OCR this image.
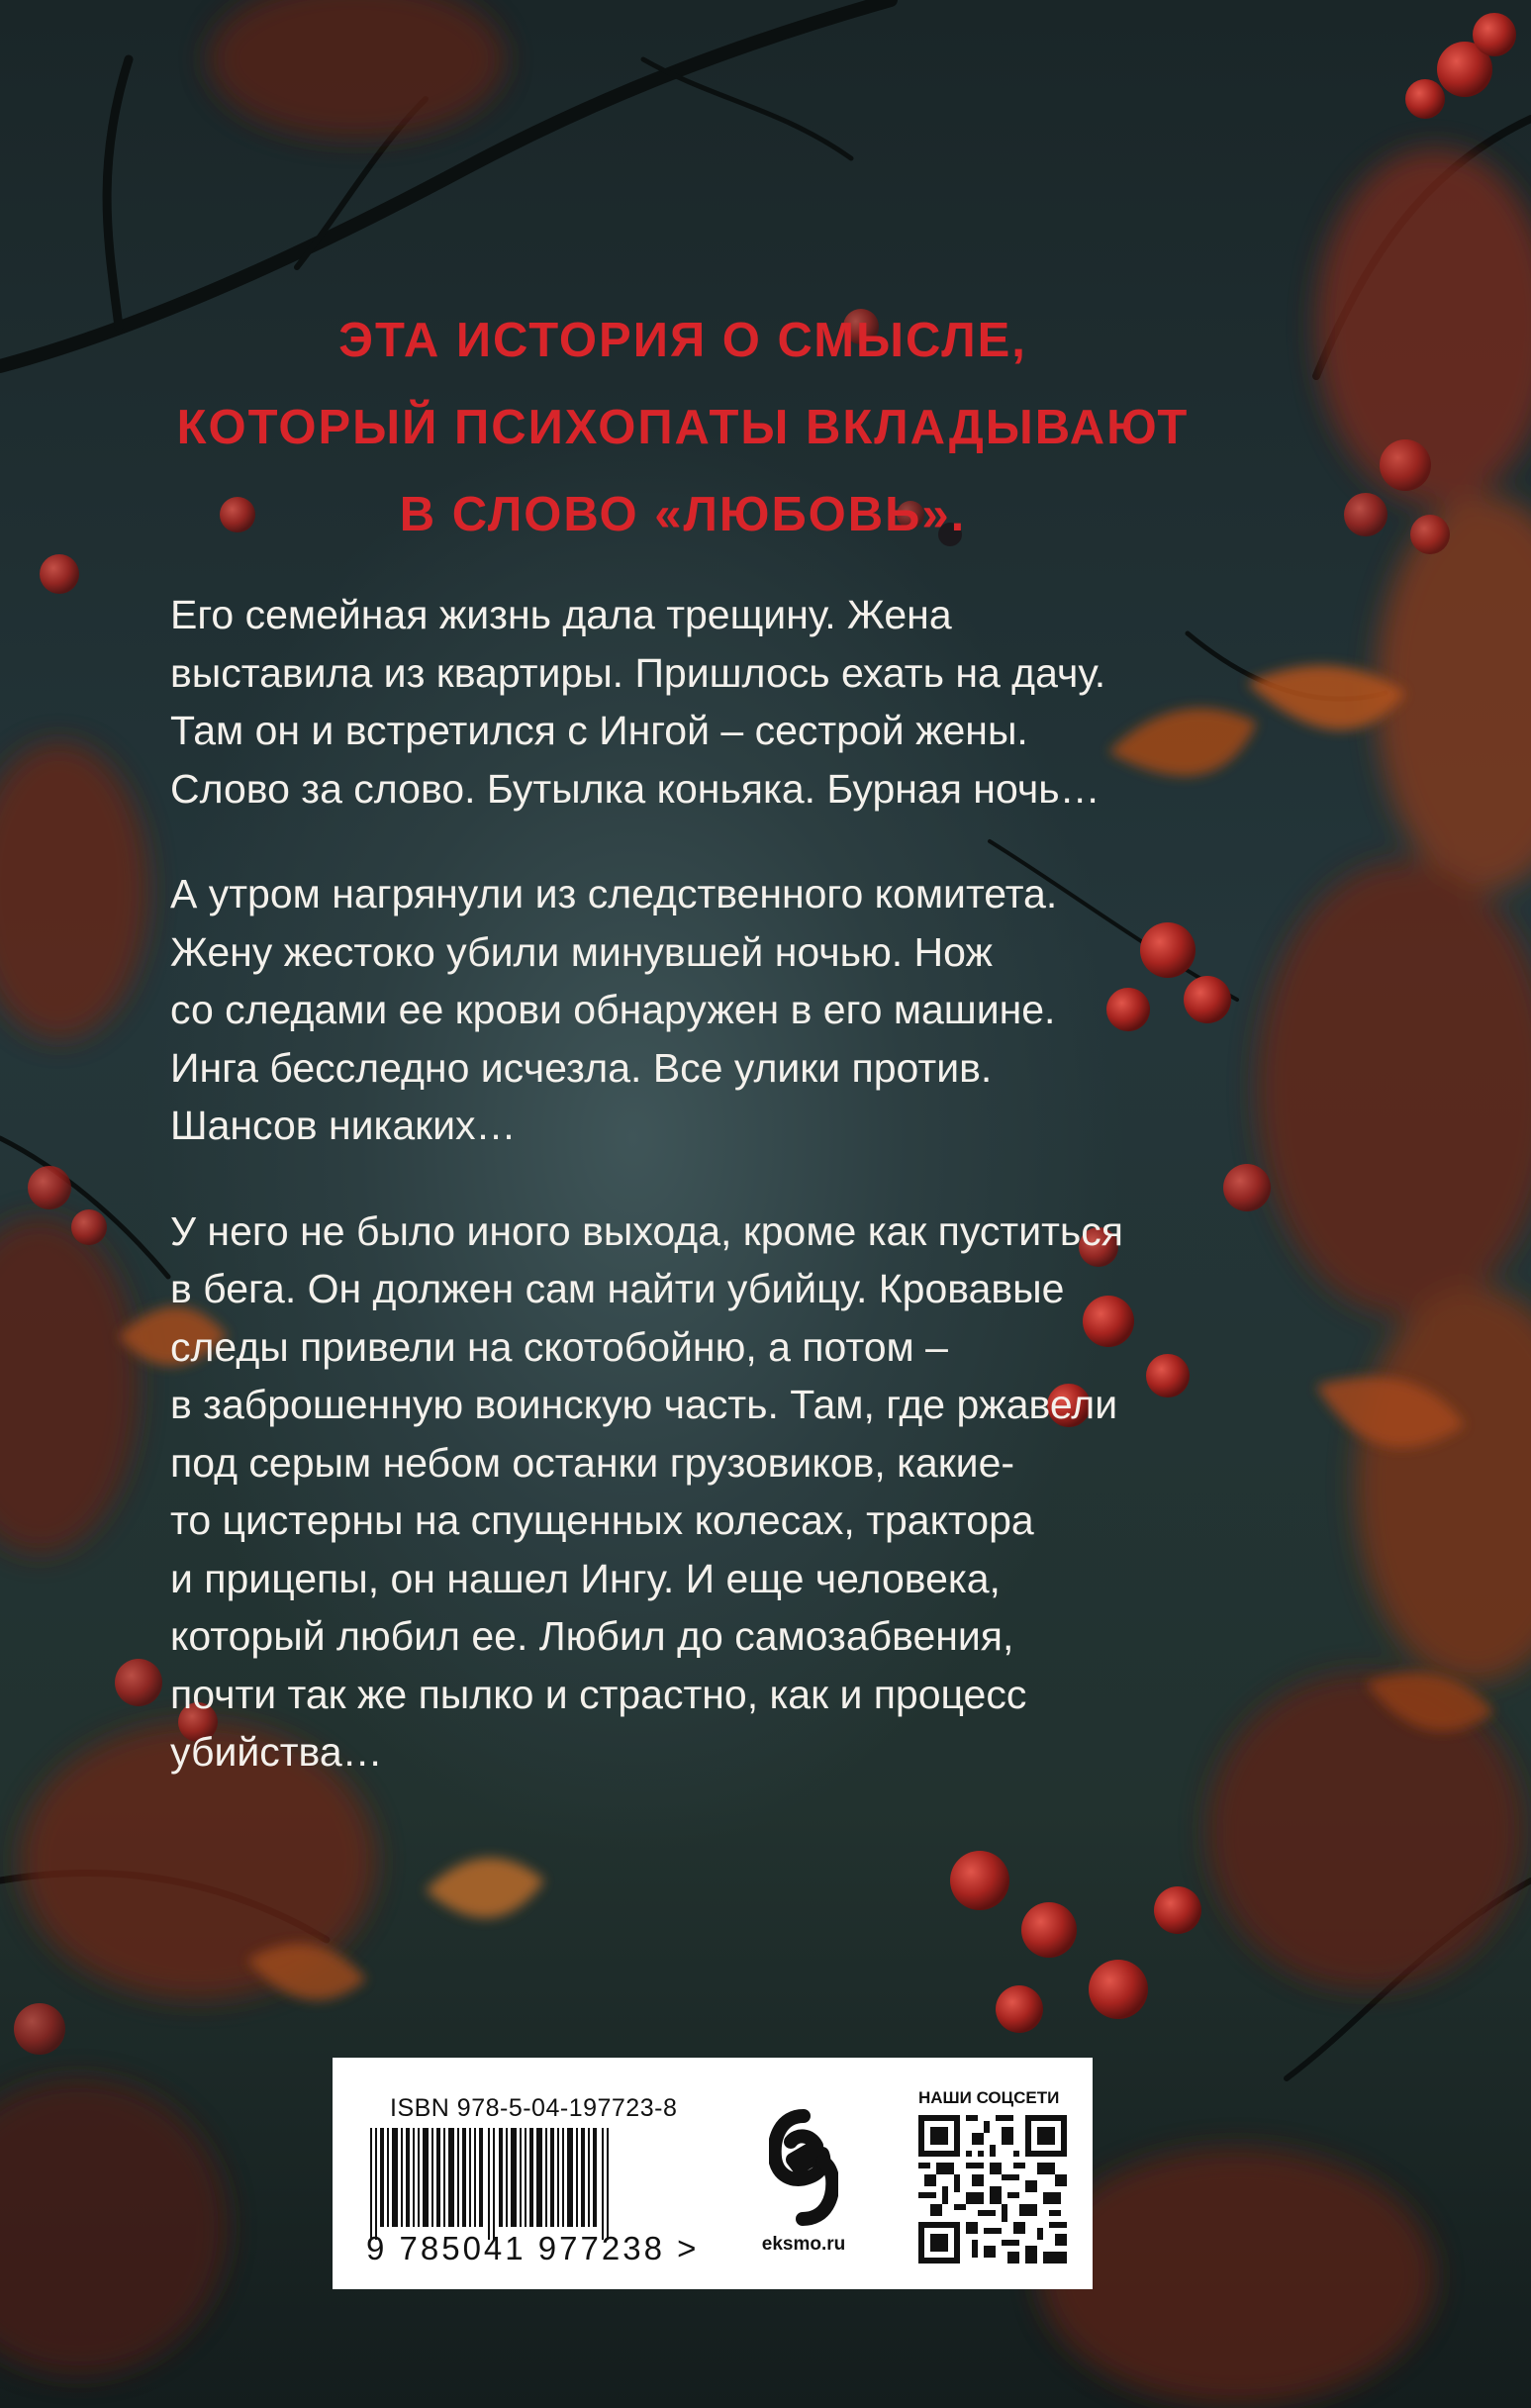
ЭТА ИСТОРИЯ О СМЫСЛЕ,
КОТОРЫЙ ПСИХОПАТЫ ВКЛАДЫВАЮТ
В СЛОВО «ЛЮБОВЬ».

Его семейная жизнь дала трещину. Жена
выставила из квартиры. Пришлось ехать на дачу.
Там он и встретился с Ингой – сестрой жены.
Слово за слово. Бутылка коньяка. Бурная ночь…

А утром нагрянули из следственного комитета.
Жену жестоко убили минувшей ночью. Нож
со следами ее крови обнаружен в его машине.
Инга бесследно исчезла. Все улики против.
Шансов никаких…

У него не было иного выхода, кроме как пуститься
в бега. Он должен сам найти убийцу. Кровавые
следы привели на скотобойню, а потом –
в заброшенную воинскую часть. Там, где ржавели
под серым небом останки грузовиков, какие-
то цистерны на спущенных колесах, трактора
и прицепы, он нашел Ингу. И еще человека,
который любил ее. Любил до самозабвения,
почти так же пылко и страстно, как и процесс
убийства…

ISBN 978-5-04-197723-8
9 785041 977238 >	eksmo.ru
НАШИ СОЦСЕТИ
